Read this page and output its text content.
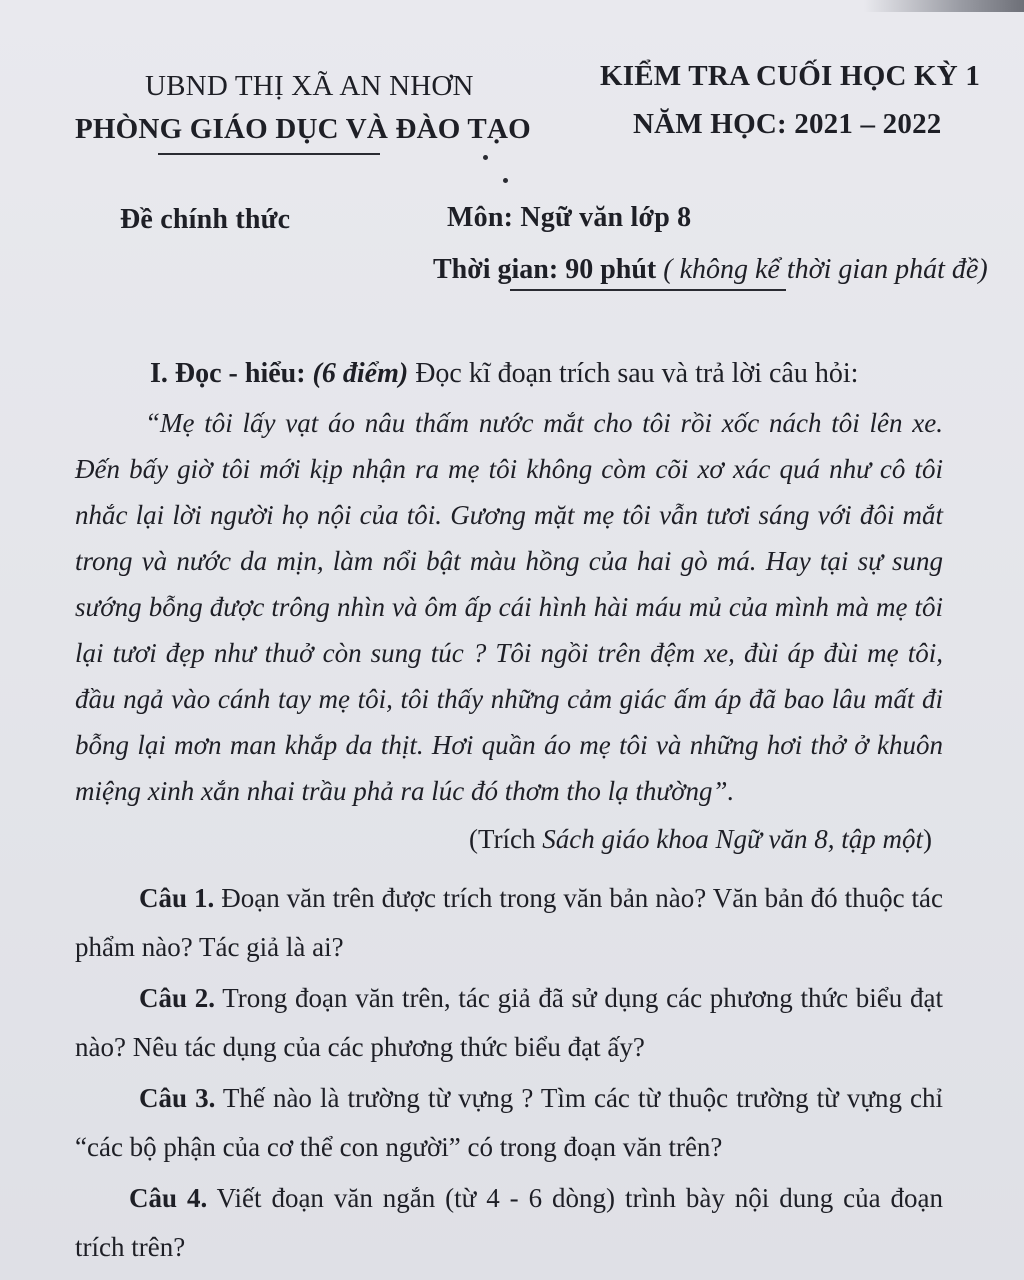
UBND THỊ XÃ AN NHƠN
PHÒNG GIÁO DỤC VÀ ĐÀO TẠO
KIỂM TRA CUỐI HỌC KỲ 1
NĂM HỌC: 2021 – 2022
Đề chính thức	Môn: Ngữ văn lớp 8
Thời gian: 90 phút ( không kể thời gian phát đề)
I. Đọc - hiểu: (6 điểm) Đọc kĩ đoạn trích sau và trả lời câu hỏi:
“Mẹ tôi lấy vạt áo nâu thấm nước mắt cho tôi rồi xốc nách tôi lên xe. Đến bấy giờ tôi mới kịp nhận ra mẹ tôi không còm cõi xơ xác quá như cô tôi nhắc lại lời người họ nội của tôi. Gương mặt mẹ tôi vẫn tươi sáng với đôi mắt trong và nước da mịn, làm nổi bật màu hồng của hai gò má. Hay tại sự sung sướng bỗng được trông nhìn và ôm ấp cái hình hài máu mủ của mình mà mẹ tôi lại tươi đẹp như thuở còn sung túc ? Tôi ngồi trên đệm xe, đùi áp đùi mẹ tôi, đầu ngả vào cánh tay mẹ tôi, tôi thấy những cảm giác ấm áp đã bao lâu mất đi bỗng lại mơn man khắp da thịt. Hơi quần áo mẹ tôi và những hơi thở ở khuôn miệng xinh xắn nhai trầu phả ra lúc đó thơm tho lạ thường”.
(Trích Sách giáo khoa Ngữ văn 8, tập một)
Câu 1. Đoạn văn trên được trích trong văn bản nào? Văn bản đó thuộc tác phẩm nào? Tác giả là ai?
Câu 2. Trong đoạn văn trên, tác giả đã sử dụng các phương thức biểu đạt nào? Nêu tác dụng của các phương thức biểu đạt ấy?
Câu 3. Thế nào là trường từ vựng ? Tìm các từ thuộc trường từ vựng chỉ “các bộ phận của cơ thể con người” có trong đoạn văn trên?
Câu 4. Viết đoạn văn ngắn (từ 4 - 6 dòng) trình bày nội dung của đoạn trích trên?
